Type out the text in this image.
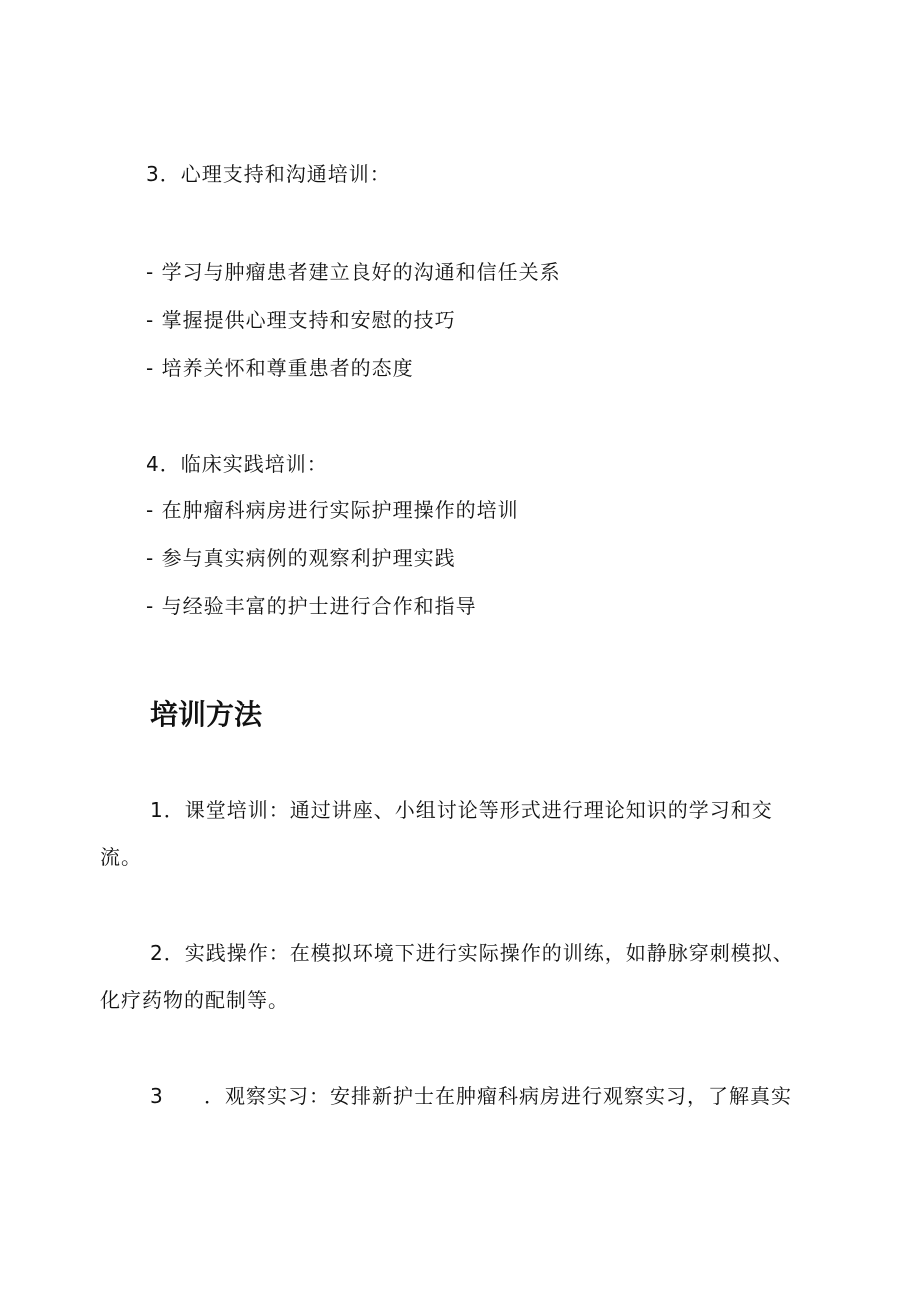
3．心理支持和沟通培训：
- 学习与肿瘤患者建立良好的沟通和信任关系
- 掌握提供心理支持和安慰的技巧
- 培养关怀和尊重患者的态度
4．临床实践培训：
- 在肿瘤科病房进行实际护理操作的培训
- 参与真实病例的观察利护理实践
- 与经验丰富的护士进行合作和指导
培训方法
1．课堂培训：通过讲座、小组讨论等形式进行理论知识的学习和交
流。
2．实践操作：在模拟环境下进行实际操作的训练，如静脉穿刺模拟、
化疗药物的配制等。
3 ．观察实习：安排新护士在肿瘤科病房进行观察实习，了解真实
